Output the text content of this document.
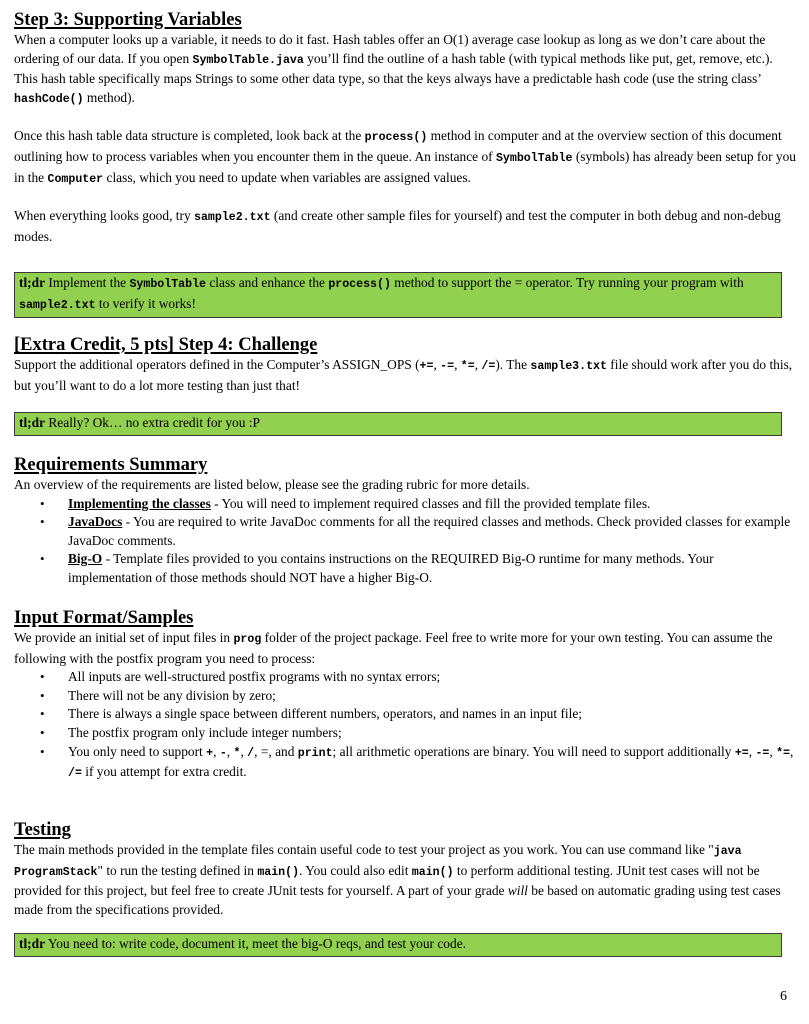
Step 3: Supporting Variables

When a computer looks up a variable, it needs to do it fast. Hash tables offer an O(1) average case lookup as long as we don’t care about the ordering of our data. If you open SymbolTable.java you’ll find the outline of a hash table (with typical methods like put, get, remove, etc.). This hash table specifically maps Strings to some other data type, so that the keys always have a predictable hash code (use the string class’ hashCode() method).

Once this hash table data structure is completed, look back at the process() method in computer and at the overview section of this document outlining how to process variables when you encounter them in the queue. An instance of SymbolTable (symbols) has already been setup for you in the Computer class, which you need to update when variables are assigned values.

When everything looks good, try sample2.txt (and create other sample files for yourself) and test the computer in both debug and non-debug modes.

tl;dr Implement the SymbolTable class and enhance the process() method to support the = operator. Try running your program with sample2.txt to verify it works!
[Extra Credit, 5 pts] Step 4: Challenge

Support the additional operators defined in the Computer’s ASSIGN_OPS (+=, -=, *=, /=). The sample3.txt file should work after you do this, but you’ll want to do a lot more testing than just that!

tl;dr Really? Ok… no extra credit for you :P
Requirements Summary

An overview of the requirements are listed below, please see the grading rubric for more details.

• Implementing the classes - You will need to implement required classes and fill the provided template files.
• JavaDocs - You are required to write JavaDoc comments for all the required classes and methods. Check provided classes for example JavaDoc comments.
• Big-O - Template files provided to you contains instructions on the REQUIRED Big-O runtime for many methods. Your implementation of those methods should NOT have a higher Big-O.
Input Format/Samples

We provide an initial set of input files in prog folder of the project package. Feel free to write more for your own testing. You can assume the following with the postfix program you need to process:

• All inputs are well-structured postfix programs with no syntax errors;
• There will not be any division by zero;
• There is always a single space between different numbers, operators, and names in an input file;
• The postfix program only include integer numbers;
• You only need to support +, -, *, /, =, and print; all arithmetic operations are binary. You will need to support additionally +=, -=, *=, /= if you attempt for extra credit.
Testing

The main methods provided in the template files contain useful code to test your project as you work. You can use command like "java ProgramStack" to run the testing defined in main(). You could also edit main() to perform additional testing. JUnit test cases will not be provided for this project, but feel free to create JUnit tests for yourself. A part of your grade will be based on automatic grading using test cases made from the specifications provided.

tl;dr You need to: write code, document it, meet the big-O reqs, and test your code.
6
